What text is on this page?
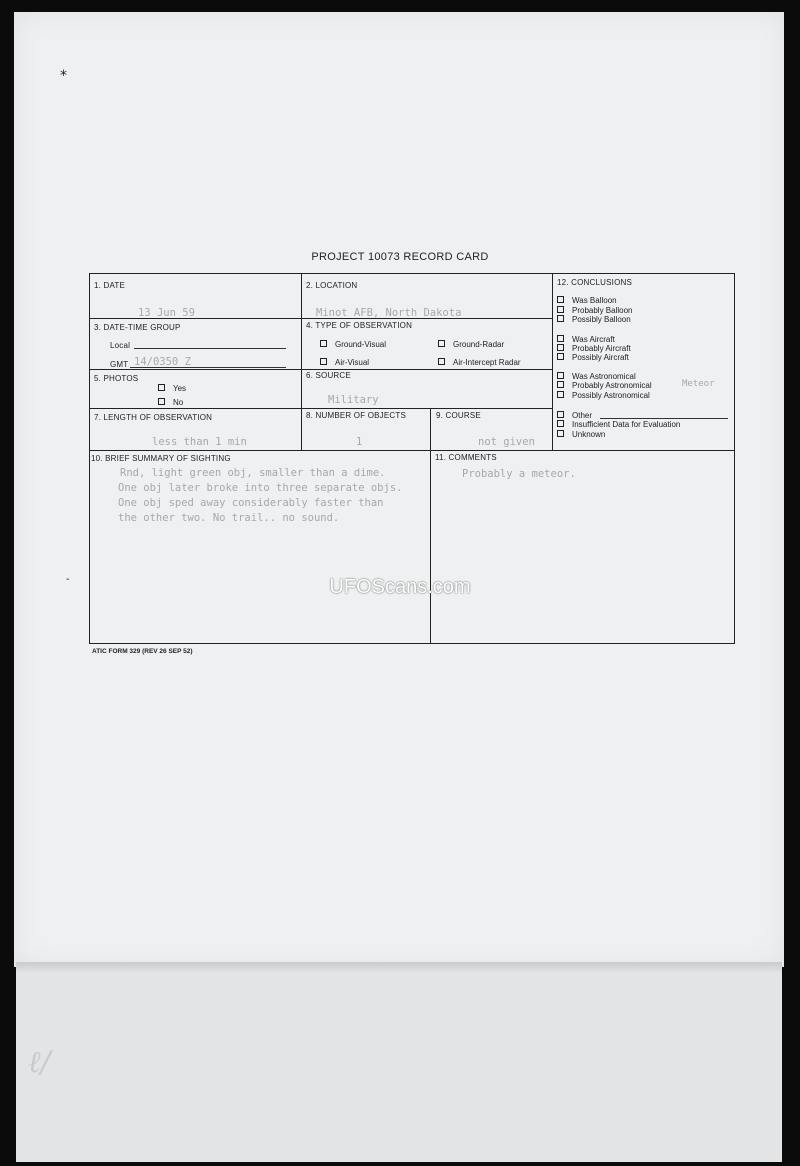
*
-
PROJECT 10073 RECORD CARD
1. DATE
13 Jun 59
2. LOCATION
Minot AFB, North Dakota
3. DATE-TIME GROUP
Local
GMT 14/0350 Z
4. TYPE OF OBSERVATION
Ground-Visual	Ground-Radar
Air-Visual	Air-Intercept Radar
5. PHOTOS
Yes
No
6. SOURCE
Military
7. LENGTH OF OBSERVATION
less than 1 min
8. NUMBER OF OBJECTS
1
9. COURSE
not given
10. BRIEF SUMMARY OF SIGHTING
Rnd, light green obj, smaller than a dime.
One obj later broke into three separate objs.
One obj sped away considerably faster than
the other two. No trail.. no sound.
11. COMMENTS
Probably a meteor.
12. CONCLUSIONS
Was Balloon
Probably Balloon
Possibly Balloon
Was Aircraft
Probably Aircraft
Possibly Aircraft
Was Astronomical
Probably Astronomical
Possibly Astronomical
Meteor
Other
Insufficient Data for Evaluation
Unknown
UFOScans.com
ATIC FORM 329 (REV 26 SEP 52)
ℓ/
